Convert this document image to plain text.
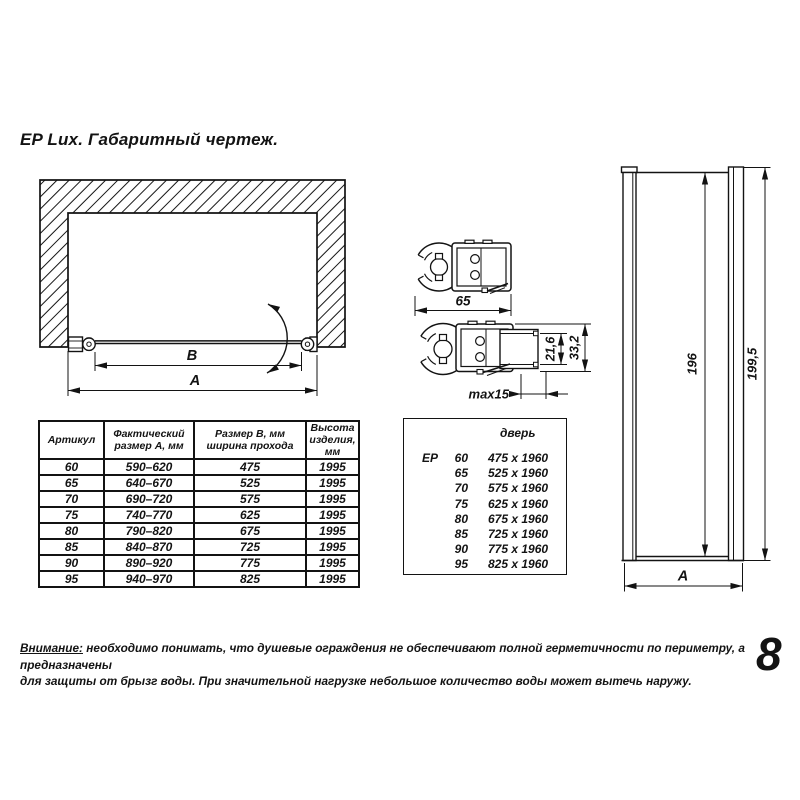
EP Lux. Габаритный чертеж.
B
A
65
21,6 33,2
max15
196	199,5
A
Артикул	Фактический размер А, мм	Размер В, мм ширина прохода	Высота изделия, мм
60	590–620	475	1995
65	640–670	525	1995
70	690–720	575	1995
75	740–770	625	1995
80	790–820	675	1995
85	840–870	725	1995
90	890–920	775	1995
95	940–970	825	1995
дверь
EP	60 475 x 1960
65 525 x 1960
70 575 x 1960
75 625 x 1960
80 675 x 1960
85 725 x 1960
90 775 x 1960
95 825 x 1960
Внимание: необходимо понимать, что душевые ограждения не обеспечивают полной герметичности по периметру, а предназначены
для защиты от брызг воды. При значительной нагрузке небольшое количество воды может вытечь наружу.
8
